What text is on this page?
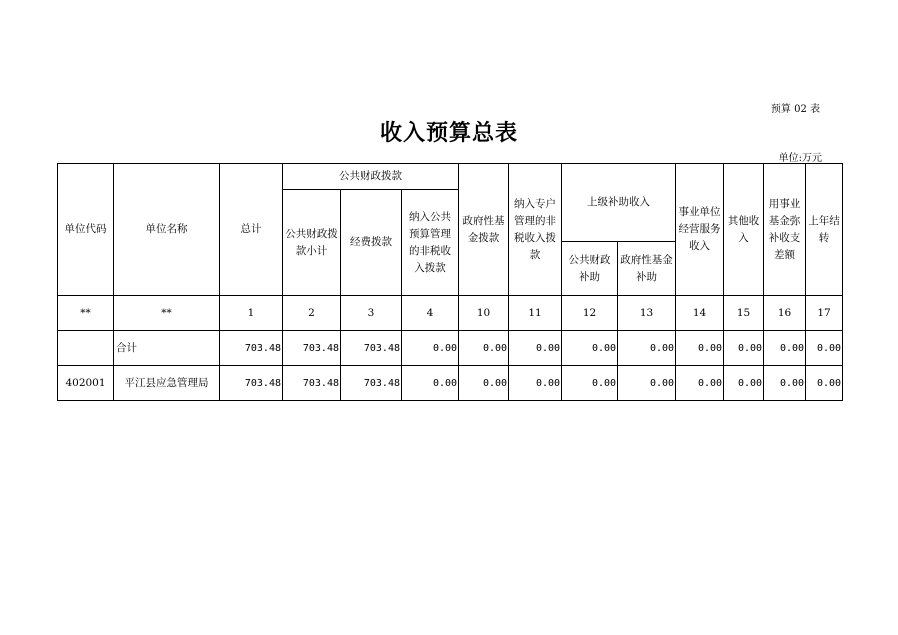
预算 02 表
收入预算总表
单位:万元
单位代码	单位名称	总计	公共财政拨款			政府性基金拨款	纳入专户管理的非税收入拨款	上级补助收入		事业单位经营服务收入	其他收入	用事业基金弥补收支差额	上年结转
			公共财政拨款小计	经费拨款	纳入公共预算管理的非税收入拨款								
								公共财政补助	政府性基金补助				
**	**	1	2	3	4	10	11	12	13	14	15	16	17
	合计	703.48	703.48	703.48	0.00	0.00	0.00	0.00	0.00	0.00	0.00	0.00	0.00
402001	平江县应急管理局	703.48	703.48	703.48	0.00	0.00	0.00	0.00	0.00	0.00	0.00	0.00	0.00
